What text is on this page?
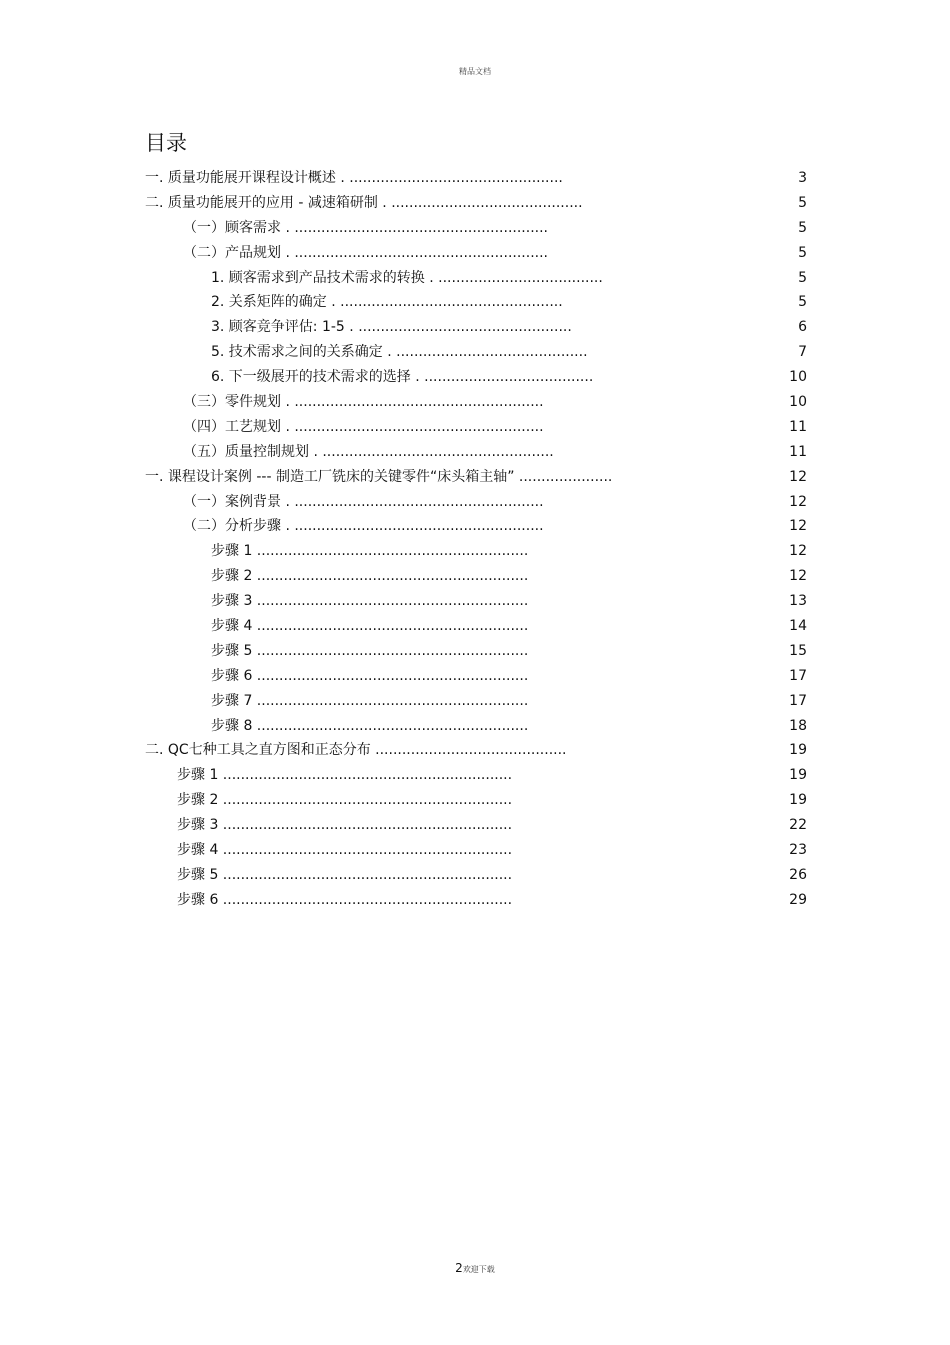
精品文档
目录
一. 质量功能展开课程设计概述 . ................................................	3
二. 质量功能展开的应用 - 减速箱研制 . ...........................................	5
（一）顾客需求 . .........................................................	5
（二）产品规划 . .........................................................	5
1. 顾客需求到产品技术需求的转换 . .....................................	5
2. 关系矩阵的确定 . ..................................................	5
3. 顾客竞争评估: 1-5 . ................................................	6
5. 技术需求之间的关系确定 . ...........................................	7
6. 下一级展开的技术需求的选择 . ......................................	10
（三）零件规划 . ........................................................	10
（四）工艺规划 . ........................................................	11
（五）质量控制规划 . ....................................................	11
一. 课程设计案例 --- 制造工厂铣床的关键零件“床头箱主轴” .....................	12
（一）案例背景 . ........................................................	12
（二）分析步骤 . ........................................................	12
步骤 1 .............................................................	12
步骤 2 .............................................................	12
步骤 3 .............................................................	13
步骤 4 .............................................................	14
步骤 5 .............................................................	15
步骤 6 .............................................................	17
步骤 7 .............................................................	17
步骤 8 .............................................................	18
二. QC七种工具之直方图和正态分布 ...........................................	19
步骤 1 .................................................................	19
步骤 2 .................................................................	19
步骤 3 .................................................................	22
步骤 4 .................................................................	23
步骤 5 .................................................................	26
步骤 6 .................................................................	29
2欢迎下载
